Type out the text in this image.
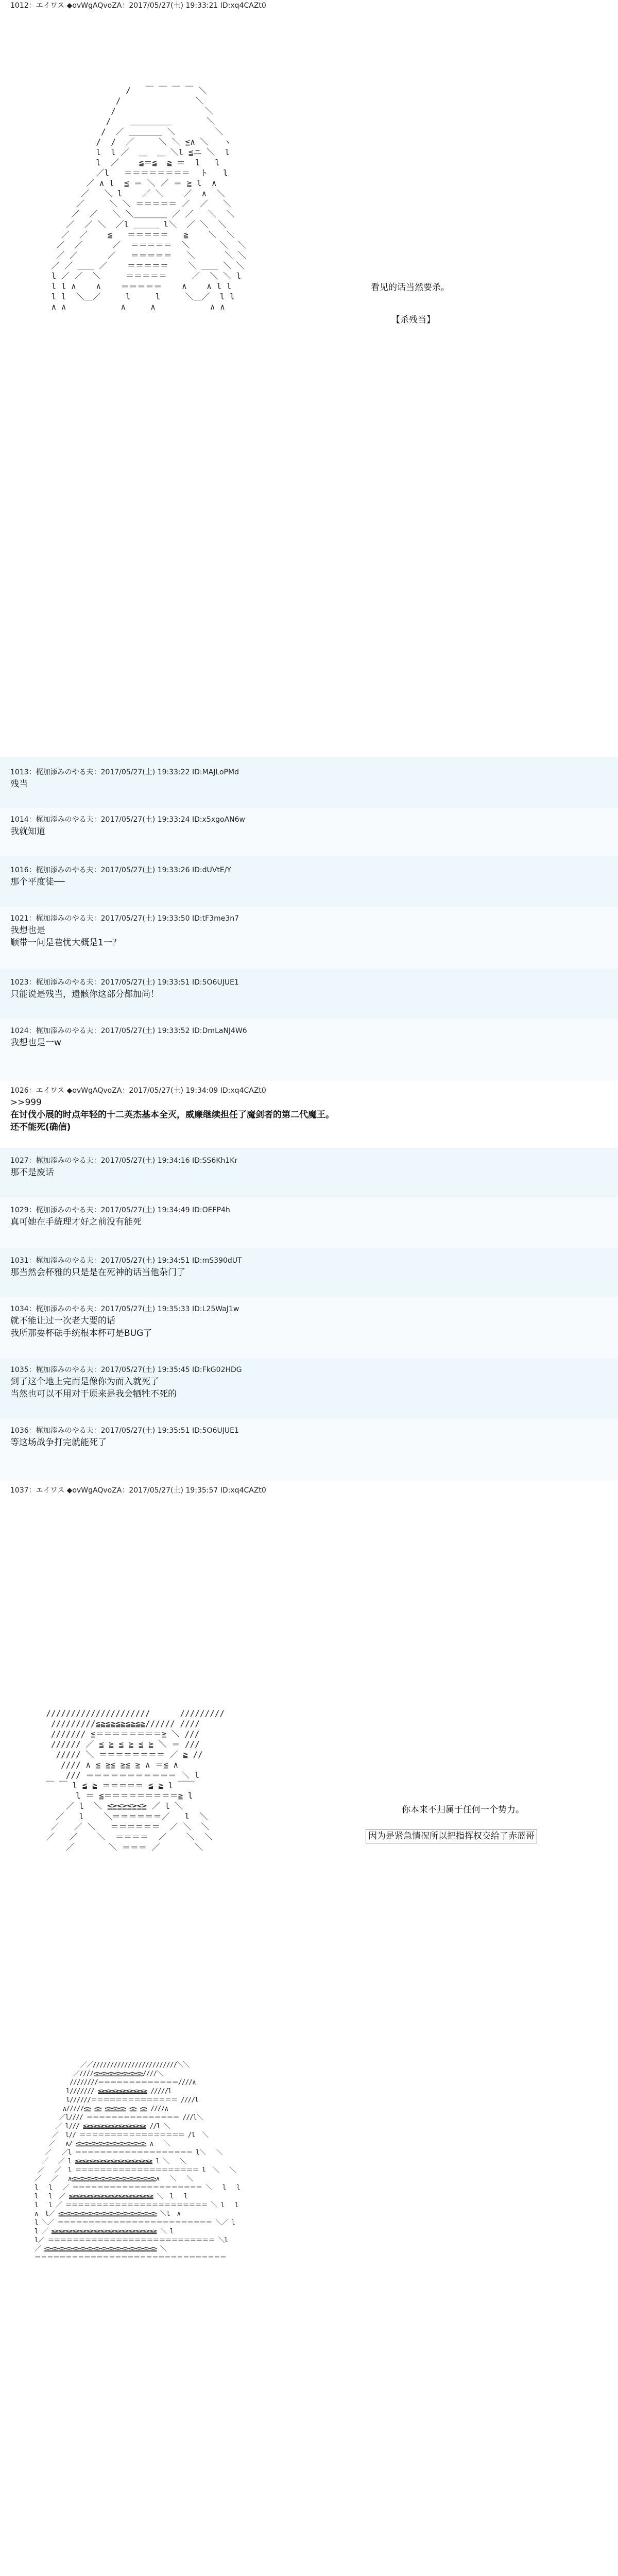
1012：エイワス ◆ovWgAQvoZA：2017/05/27(土) 19:33:21 ID:xq4CAZt0
/   ￣ ￣ ￣ ￣ ＼
/               ＼
/                  ＼
/    ＿＿＿＿＿       ＼
/  ／ ＿＿＿＿ ＼        ＼
/  /  ／     ＼ ＼ ≦∧ ＼   ヽ
l  l ／  ＿  ＿ ＼l ≦ニ ＼  l
l  ／    ≦＝≦  ≧ ＝  l   l
／l   ＝＝＝＝＝＝＝＝  ト   l
／ ∧ l  ≦ ＝ ＼ ／ ＝ ≧ l  ∧
／   ＼ l    ／ ＼    ／  ∧  ＼
／     ＼ ＼ ＝＝＝＝＝ ／  ／   ＼
／  ／   ＼ ＼＿＿＿＿ ／ ／   ＼  ＼
／  ／ ＼  ／l ＿＿＿ l＼  ／ ＼  ＼
／  ／    ≦   ＝＝＝＝＝   ≧    ＼  ＼
／  ／      ／  ＝＝＝＝＝  ＼      ＼  ＼
／ ／      ／   ＝＝＝＝＝   ＼      ＼ ＼
／ ／ ＿＿ ／    ＝＝＝＝＝    ＼ ＿＿ ＼ ＼
l ／ ／  ＼     ＝＝＝＝＝     ／  ＼ ＼ l
l l ∧    ∧    ＝＝＝＝＝    ∧    ∧ l l
l l  ＼＿／     l     l     ＼＿／  l l
∧ ∧           ∧     ∧           ∧ ∧
看见的话当然要杀。
【杀残当】
1013：梶加添みのやる夫：2017/05/27(土) 19:33:22 ID:MAJLoPMd
残当
1014：梶加添みのやる夫：2017/05/27(土) 19:33:24 ID:x5xgoAN6w
我就知道
1016：梶加添みのやる夫：2017/05/27(土) 19:33:26 ID:dUVtE/Y
那个平度徒──
1021：梶加添みのやる夫：2017/05/27(土) 19:33:50 ID:tF3me3n7
我想也是
顺带一问是巷忧大概是1一？
1023：梶加添みのやる夫：2017/05/27(土) 19:33:51 ID:5O6UJUE1
只能说是残当，遗骸你这部分都加尚！
1024：梶加添みのやる夫：2017/05/27(土) 19:33:52 ID:DmLaNJ4W6
我想也是一w
1026：エイワス ◆ovWgAQvoZA：2017/05/27(土) 19:34:09 ID:xq4CAZt0
>>999
在讨伐小展的时点年轻的十二英杰基本全灭，威廉继续担任了魔剑者的第二代魔王。
还不能死(确信)
1027：梶加添みのやる夫：2017/05/27(土) 19:34:16 ID:SS6Kh1Kr
那不是废话
1029：梶加添みのやる夫：2017/05/27(土) 19:34:49 ID:OEFP4h
真可她在手統理才好之前没有能死
1031：梶加添みのやる夫：2017/05/27(土) 19:34:51 ID:mS390dUT
那当然会杯雅的只是是在死神的话当他杂门了
1034：梶加添みのやる夫：2017/05/27(土) 19:35:33 ID:L25WaJ1w
就不能让过一次老大要的话
我所那要杯砝手统根本杯可是BUG了
1035：梶加添みのやる夫：2017/05/27(土) 19:35:45 ID:FkG02HDG
到了这个地上完而是像你为而入就死了
当然也可以不用对于原来是我会牺牲不死的
1036：梶加添みのやる夫：2017/05/27(土) 19:35:51 ID:5O6UJUE1
等这场战争打完就能死了
1037：エイワス ◆ovWgAQvoZA：2017/05/27(土) 19:35:57 ID:xq4CAZt0
/////////////////////      /////////
/////////≦≧≦≧≦≧≦≧≦≧////// ////
/////// ≦＝＝＝＝＝＝＝＝≧ ＼ ///
////// ／ ≦ ≧ ≦ ≧ ≦ ≧ ＼ ＝ ///
///// ＼ ＝＝＝＝＝＝＝＝ ／ ≧ //
//// ∧ ≦ ≧≦ ≧≦ ≧ ∧ ＝≦ ∧
/// ＝＝＝＝＝＝＝＝＝＝＝ ＼ l
￣ ￣ l ≦ ≧ ＝＝＝＝＝ ≦ ≧ l ￣￣
l ＝ ≦＝＝＝＝＝＝＝＝＝≧ l
／ l  ＼ ≦≧≦≧≦≧≦≧ ／ l ＼
／   l    ＼＝＝＝＝＝＝／   l  ＼
／   ／ ＼   ＝＝＝＝＝＝  ／ ＼  ＼
／   ／    ＼  ＝＝＝＝  ／    ＼  ＼
／       ＼ ＝＝＝ ／       ＼
你本来不归属于任何一个势力。
因为是紧急情况所以把指挥权交给了赤蓝哥
＿＿＿＿＿＿＿＿＿＿＿
／／////////////////////////＼＼
／////≦≧≦≧≦≧≦≧≦≧≦≧≦≧////＼
////////＝＝＝＝＝＝＝＝＝＝＝＝＝////∧
l/////// ≦≧≦≧≦≧≦≧≦≧≦≧≦≧ /////l
l//////＝＝＝＝＝＝＝＝＝＝＝＝＝＝ ////l
∧/////≦≧ ≦≧ ≦≧≦≧≦≧ ≦≧ ≦≧ ////∧
／l//// ＝＝＝＝＝＝＝＝＝＝＝＝＝＝＝ ///l＼
／ l/// ≦≧≦≧≦≧≦≧≦≧≦≧≦≧≦≧≦≧ //l ＼
／  l// ＝＝＝＝＝＝＝＝＝＝＝＝＝＝＝＝＝ /l  ＼
／   ∧/ ≦≧≦≧≦≧≦≧≦≧≦≧≦≧≦≧≦≧≦≧ ∧   ＼
／   ／l ＝＝＝＝＝＝＝＝＝＝＝＝＝＝＝＝＝＝＝ l＼   ＼
／   ／ l ≦≧≦≧≦≧≦≧≦≧≦≧≦≧≦≧≦≧≦≧≦≧ l ＼   ＼
／   ／  l ＝＝＝＝＝＝＝＝＝＝＝＝＝＝＝＝＝＝＝＝ l  ＼   ＼
／   ／   ∧≦≧≦≧≦≧≦≧≦≧≦≧≦≧≦≧≦≧≦≧≦≧≦≧∧   ＼   ＼
l   l   ／ ＝＝＝＝＝＝＝＝＝＝＝＝＝＝＝＝＝＝＝＝＝ ＼   l   l
l   l  ／ ≦≧≦≧≦≧≦≧≦≧≦≧≦≧≦≧≦≧≦≧≦≧≦≧ ＼  l   l
l   l ／ ＝＝＝＝＝＝＝＝＝＝＝＝＝＝＝＝＝＝＝＝＝＝＝ ＼ l   l
∧  l／ ≦≧≦≧≦≧≦≧≦≧≦≧≦≧≦≧≦≧≦≧≦≧≦≧≦≧≦≧ ＼l  ∧
l ＼／ ＝＝＝＝＝＝＝＝＝＝＝＝＝＝＝＝＝＝＝＝＝＝＝＝＝ ＼／ l
l ／ ≦≧≦≧≦≧≦≧≦≧≦≧≦≧≦≧≦≧≦≧≦≧≦≧≦≧≦≧≦≧ ＼ l
l／ ＝＝＝＝＝＝＝＝＝＝＝＝＝＝＝＝＝＝＝＝＝＝＝＝＝＝＝ ＼l
／ ≦≧≦≧≦≧≦≧≦≧≦≧≦≧≦≧≦≧≦≧≦≧≦≧≦≧≦≧≦≧≦≧ ＼
＝＝＝＝＝＝＝＝＝＝＝＝＝＝＝＝＝＝＝＝＝＝＝＝＝＝＝＝＝＝＝
